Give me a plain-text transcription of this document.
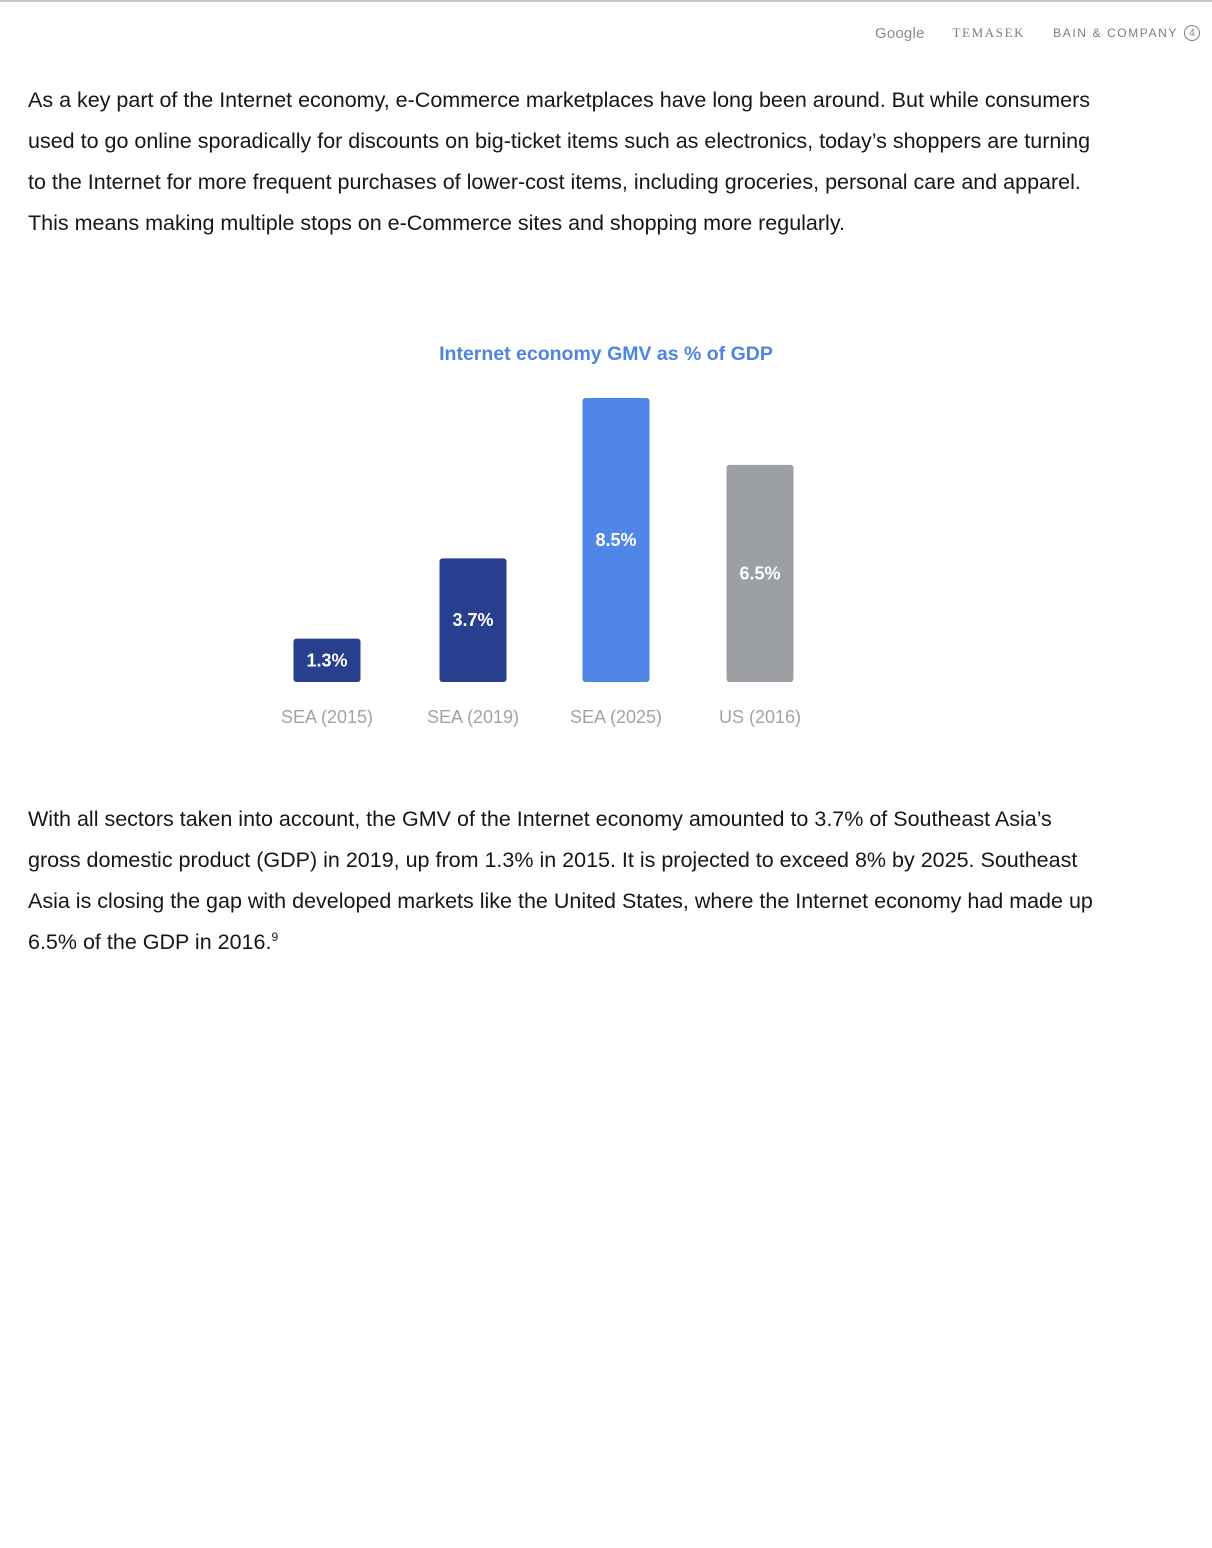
Google TEMASEK BAIN & COMPANY	4

As a key part of the Internet economy, e-Commerce marketplaces have long been around. But while consumers used to go online sporadically for discounts on big-ticket items such as electronics, today’s shoppers are turning to the Internet for more frequent purchases of lower-cost items, including groceries, personal care and apparel. This means making multiple stops on e-Commerce sites and shopping more regularly.

Internet economy GMV as % of GDP
1.3%
SEA (2015)
3.7%
SEA (2019)
8.5%
SEA (2025)
6.5%
US (2016)

With all sectors taken into account, the GMV of the Internet economy amounted to 3.7% of Southeast Asia’s gross domestic product (GDP) in 2019, up from 1.3% in 2015. It is projected to exceed 8% by 2025. Southeast Asia is closing the gap with developed markets like the United States, where the Internet economy had made up 6.5% of the GDP in 2016.$^9$
